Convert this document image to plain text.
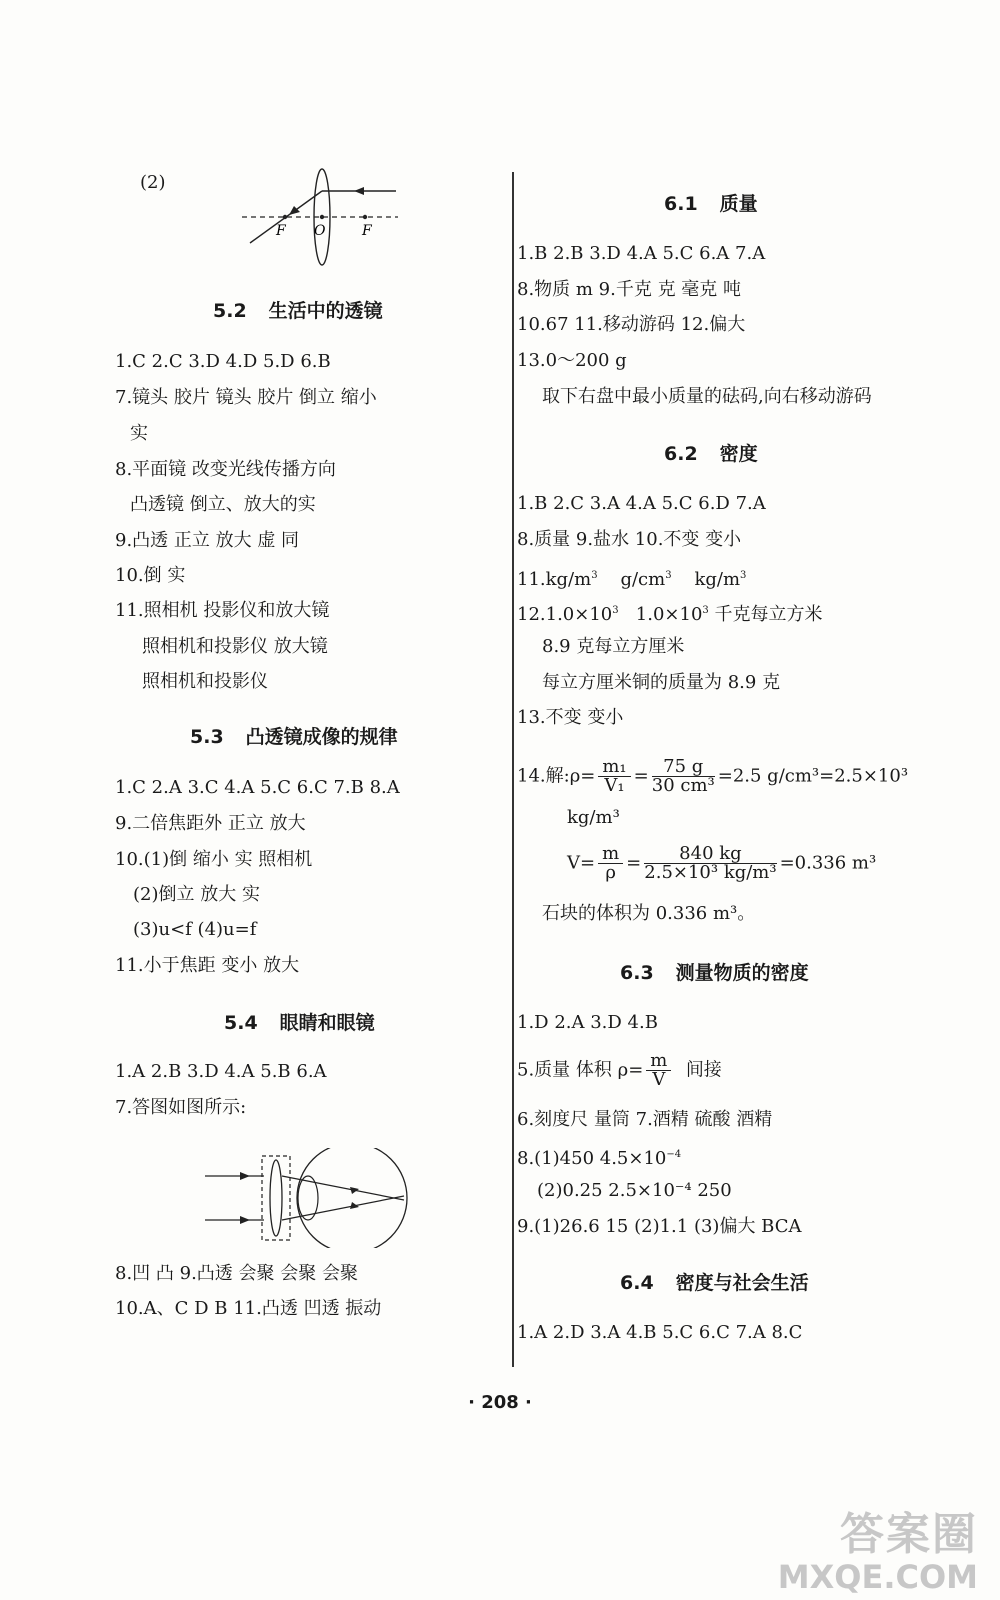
(2)
F O	F
5.2 生活中的透镜
1.C 2.C 3.D 4.D 5.D 6.B
7.镜头 胶片 镜头 胶片 倒立 缩小
实
8.平面镜 改变光线传播方向
凸透镜 倒立、放大的实
9.凸透 正立 放大 虚 同
10.倒 实
11.照相机 投影仪和放大镜
照相机和投影仪 放大镜
照相机和投影仪
5.3 凸透镜成像的规律
1.C 2.A 3.C 4.A 5.C 6.C 7.B 8.A
9.二倍焦距外 正立 放大
10.(1)倒 缩小 实 照相机
(2)倒立 放大 实
(3)u<f (4)u=f
11.小于焦距 变小 放大
5.4 眼睛和眼镜
1.A 2.B 3.D 4.A 5.B 6.A
7.答图如图所示:
8.凹 凸 9.凸透 会聚 会聚 会聚
10.A、C D B 11.凸透 凹透 振动
6.1 质量
1.B 2.B 3.D 4.A 5.C 6.A 7.A
8.物质 m 9.千克 克 毫克 吨
10.67 11.移动游码 12.偏大
13.0～200 g
取下右盘中最小质量的砝码,向右移动游码
6.2 密度
1.B 2.C 3.A 4.A 5.C 6.D 7.A
8.质量 9.盐水 10.不变 变小
$11.kg/m^3$ $g/cm^3$ $kg/m^3$
$12.1.0\times 10^3$ $1.0\times 10^3$ 千克每立方米
8.9 克每立方厘米
每立方厘米铜的质量为 8.9 克
13.不变 变小
14.解:ρ= $\frac{\text{m₁}}{\text{V₁}} = \frac{75 g}{\text{30 cm³}} =2.5$ g/cm³=2.5×10³
kg/m³
$V= \frac{m}{\rho} = \frac{840 kg}{\text{2.5×10³ kg/m³}} =0.336$ m³
石块的体积为 0.336 m³。
6.3 测量物质的密度
1.D 2.A 3.D 4.B
5.质量 体积 $\rho= \frac{m}{V}$ 间接
6.刻度尺 量筒 7.酒精 硫酸 酒精
8.(1)450 $4.5\times 10^{-4}$
(2)0.25 2.5×10⁻⁴ 250
9.(1)26.6 15 (2)1.1 (3)偏大 BCA
6.4 密度与社会生活
1.A 2.D 3.A 4.B 5.C 6.C 7.A 8.C
· 208 ·
答案圈
MXQE.COM
